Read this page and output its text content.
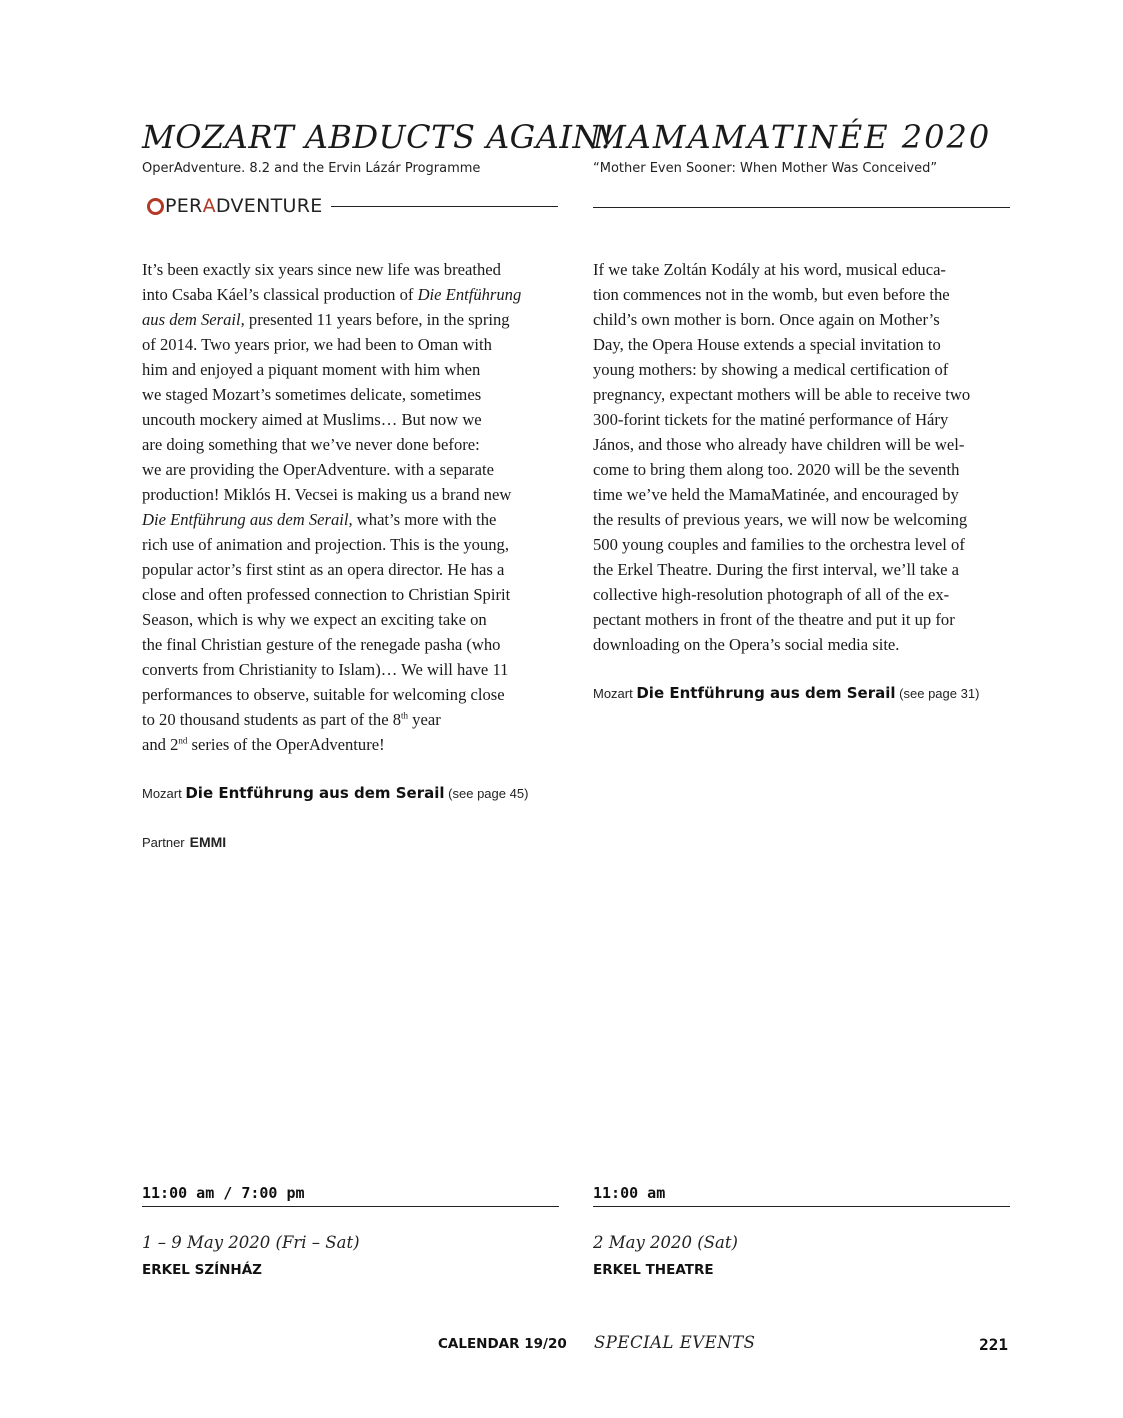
MOZART ABDUCTS AGAIN!
OperAdventure. 8.2 and the Ervin Lázár Programme
PER A DVENTURE
It’s been exactly six years since new life was breathed
into Csaba Káel’s classical production of Die Entführung
aus dem Serail, presented 11 years before, in the spring
of 2014. Two years prior, we had been to Oman with
him and enjoyed a piquant moment with him when
we staged Mozart’s sometimes delicate, sometimes
uncouth mockery aimed at Muslims… But now we
are doing something that we’ve never done before:
we are providing the OperAdventure. with a separate
production! Miklós H. Vecsei is making us a brand new
Die Entführung aus dem Serail, what’s more with the
rich use of animation and projection. This is the young,
popular actor’s first stint as an opera director. He has a
close and often professed connection to Christian Spirit
Season, which is why we expect an exciting take on
the final Christian gesture of the renegade pasha (who
converts from Christianity to Islam)… We will have 11
performances to observe, suitable for welcoming close
to 20 thousand students as part of the 8th year
and 2nd series of the OperAdventure!
Mozart Die Entführung aus dem Serail (see page 45)
Partner EMMI
11:00 am / 7:00 pm
1 – 9 May 2020 (Fri – Sat)
ERKEL SZÍNHÁZ
MAMAMATINÉE 2020
“Mother Even Sooner: When Mother Was Conceived”
If we take Zoltán Kodály at his word, musical educa-
tion commences not in the womb, but even before the
child’s own mother is born. Once again on Mother’s
Day, the Opera House extends a special invitation to
young mothers: by showing a medical certification of
pregnancy, expectant mothers will be able to receive two
300-forint tickets for the matiné performance of Háry
János, and those who already have children will be wel-
come to bring them along too. 2020 will be the seventh
time we’ve held the MamaMatinée, and encouraged by
the results of previous years, we will now be welcoming
500 young couples and families to the orchestra level of
the Erkel Theatre. During the first interval, we’ll take a
collective high-resolution photograph of all of the ex-
pectant mothers in front of the theatre and put it up for
downloading on the Opera’s social media site.
Mozart Die Entführung aus dem Serail (see page 31)
11:00 am
2 May 2020 (Sat)
ERKEL THEATRE
CALENDAR 19/20 SPECIAL EVENTS	221
